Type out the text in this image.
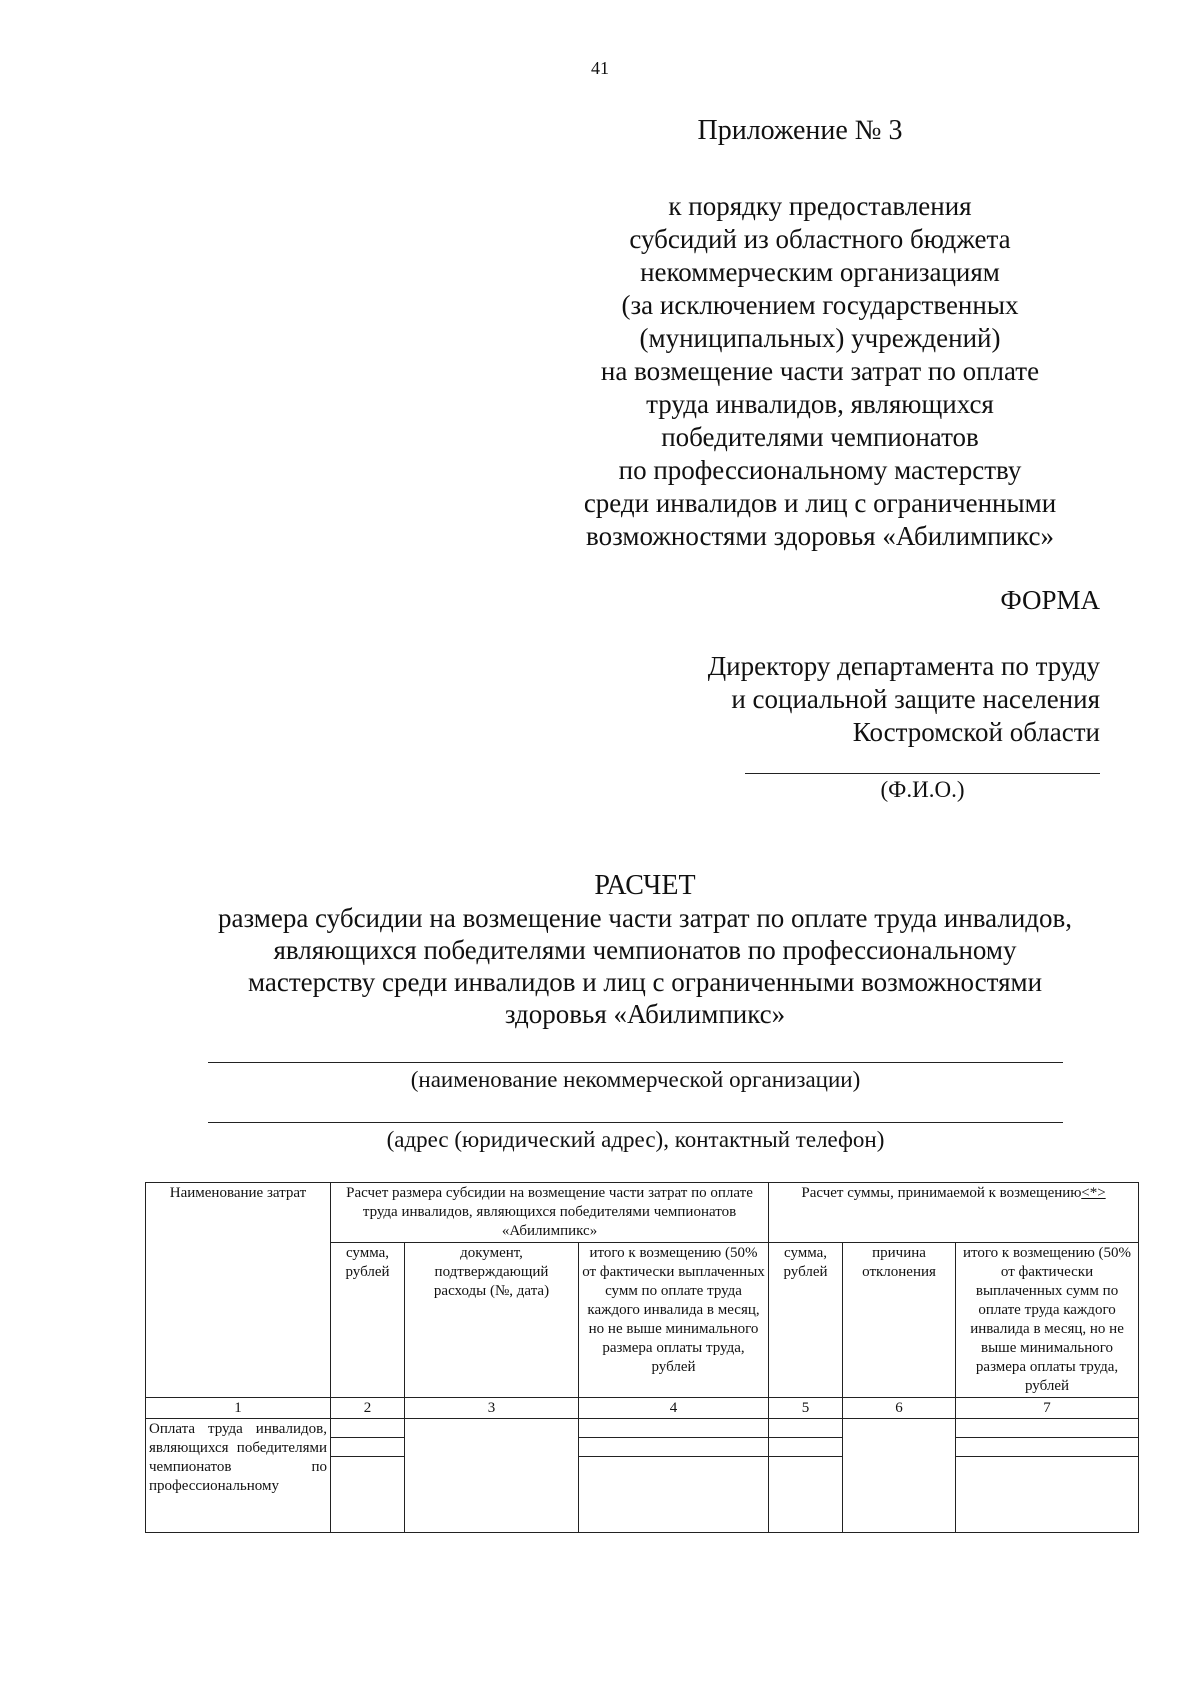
41
Приложение № 3
к порядку предоставления
субсидий из областного бюджета
некоммерческим организациям
(за исключением государственных
(муниципальных) учреждений)
на возмещение части затрат по оплате
труда инвалидов, являющихся
победителями чемпионатов
по профессиональному мастерству
среди инвалидов и лиц с ограниченными
возможностями здоровья «Абилимпикс»
ФОРМА
Директору департамента по труду
и социальной защите населения
Костромской области
(Ф.И.О.)
РАСЧЕТ
размера субсидии на возмещение части затрат по оплате труда инвалидов,
являющихся победителями чемпионатов по профессиональному
мастерству среди инвалидов и лиц с ограниченными возможностями
здоровья «Абилимпикс»
(наименование некоммерческой организации)
(адрес (юридический адрес), контактный телефон)
Наименование затрат	Расчет размера субсидии на возмещение части затрат по оплате труда инвалидов, являющихся победителями чемпионатов «Абилимпикс»			Расчет суммы, принимаемой к возмещению <*>		
	сумма, рублей	документ, подтверждающий расходы (№, дата)	итого к возмещению (50% от фактически выплаченных сумм по оплате труда каждого инвалида в месяц, но не выше минимального размера оплаты труда, рублей	сумма, рублей	причина отклонения	итого к возмещению (50% от фактически выплаченных сумм по оплате труда каждого инвалида в месяц, но не выше минимального размера оплаты труда, рублей
1	2	3	4	5	6	7

Оплата труда инвалидов, являющихся победителями чемпионатов по профессиональному						
